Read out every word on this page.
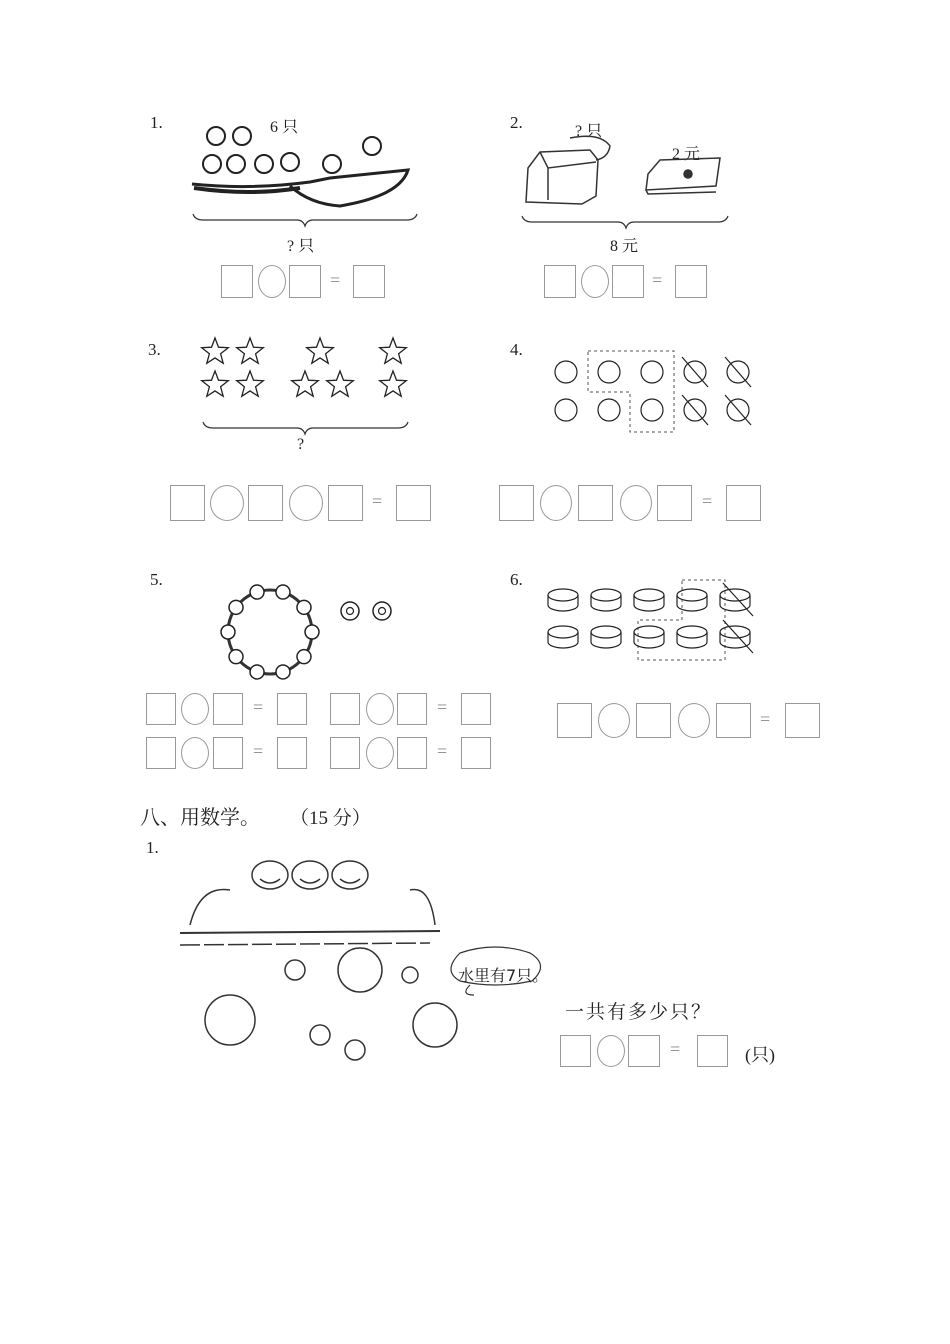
1.	6 只
? 只
2.	? 只
2 元
8 元
3.
?
4.
5.	6.
八、用数学。 （15 分）
1.
水里有7只。
一共有多少只？
(只)
=	=
=	=
=	=
=	=
=
=
